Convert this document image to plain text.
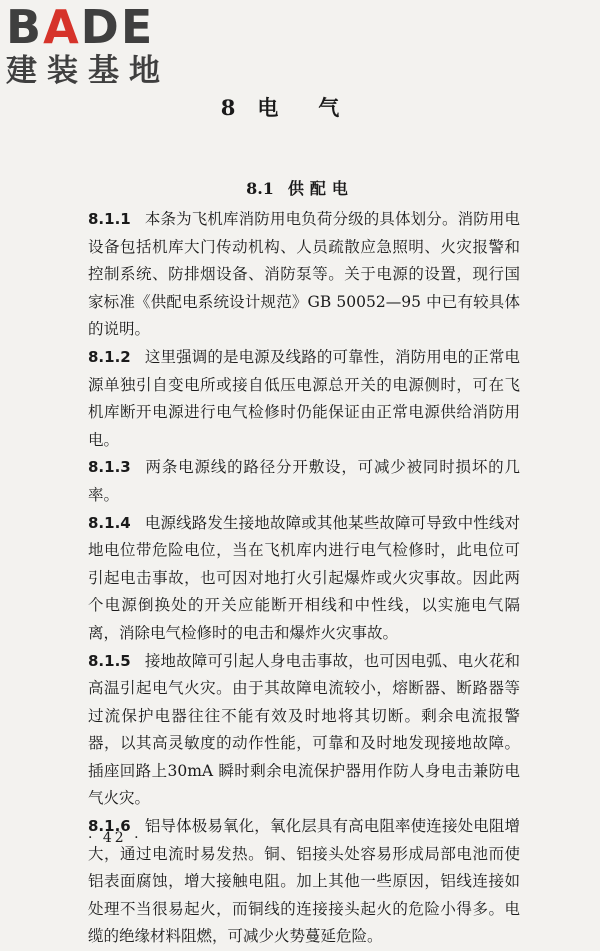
BADE
建装基地
8 电气
8.1 供配电

8.1.1 本条为飞机库消防用电负荷分级的具体划分。消防用电设备包括机库大门传动机构、人员疏散应急照明、火灾报警和控制系统、防排烟设备、消防泵等。关于电源的设置，现行国家标准《供配电系统设计规范》GB 50052—95 中已有较具体的说明。

8.1.2 这里强调的是电源及线路的可靠性，消防用电的正常电源单独引自变电所或接自低压电源总开关的电源侧时，可在飞机库断开电源进行电气检修时仍能保证由正常电源供给消防用电。

8.1.3 两条电源线的路径分开敷设，可减少被同时损坏的几率。

8.1.4 电源线路发生接地故障或其他某些故障可导致中性线对地电位带危险电位，当在飞机库内进行电气检修时，此电位可引起电击事故，也可因对地打火引起爆炸或火灾事故。因此两个电源倒换处的开关应能断开相线和中性线，以实施电气隔离，消除电气检修时的电击和爆炸火灾事故。

8.1.5 接地故障可引起人身电击事故，也可因电弧、电火花和高温引起电气火灾。由于其故障电流较小，熔断器、断路器等过流保护电器往往不能有效及时地将其切断。剩余电流报警器，以其高灵敏度的动作性能，可靠和及时地发现接地故障。插座回路上30mA 瞬时剩余电流保护器用作防人身电击兼防电气火灾。

8.1.6 铝导体极易氧化，氧化层具有高电阻率使连接处电阻增大，通过电流时易发热。铜、铝接头处容易形成局部电池而使铝表面腐蚀，增大接触电阻。加上其他一些原因，铝线连接如处理不当很易起火，而铜线的连接接头起火的危险小得多。电缆的绝缘材料阻燃，可减少火势蔓延危险。

· 42 ·
